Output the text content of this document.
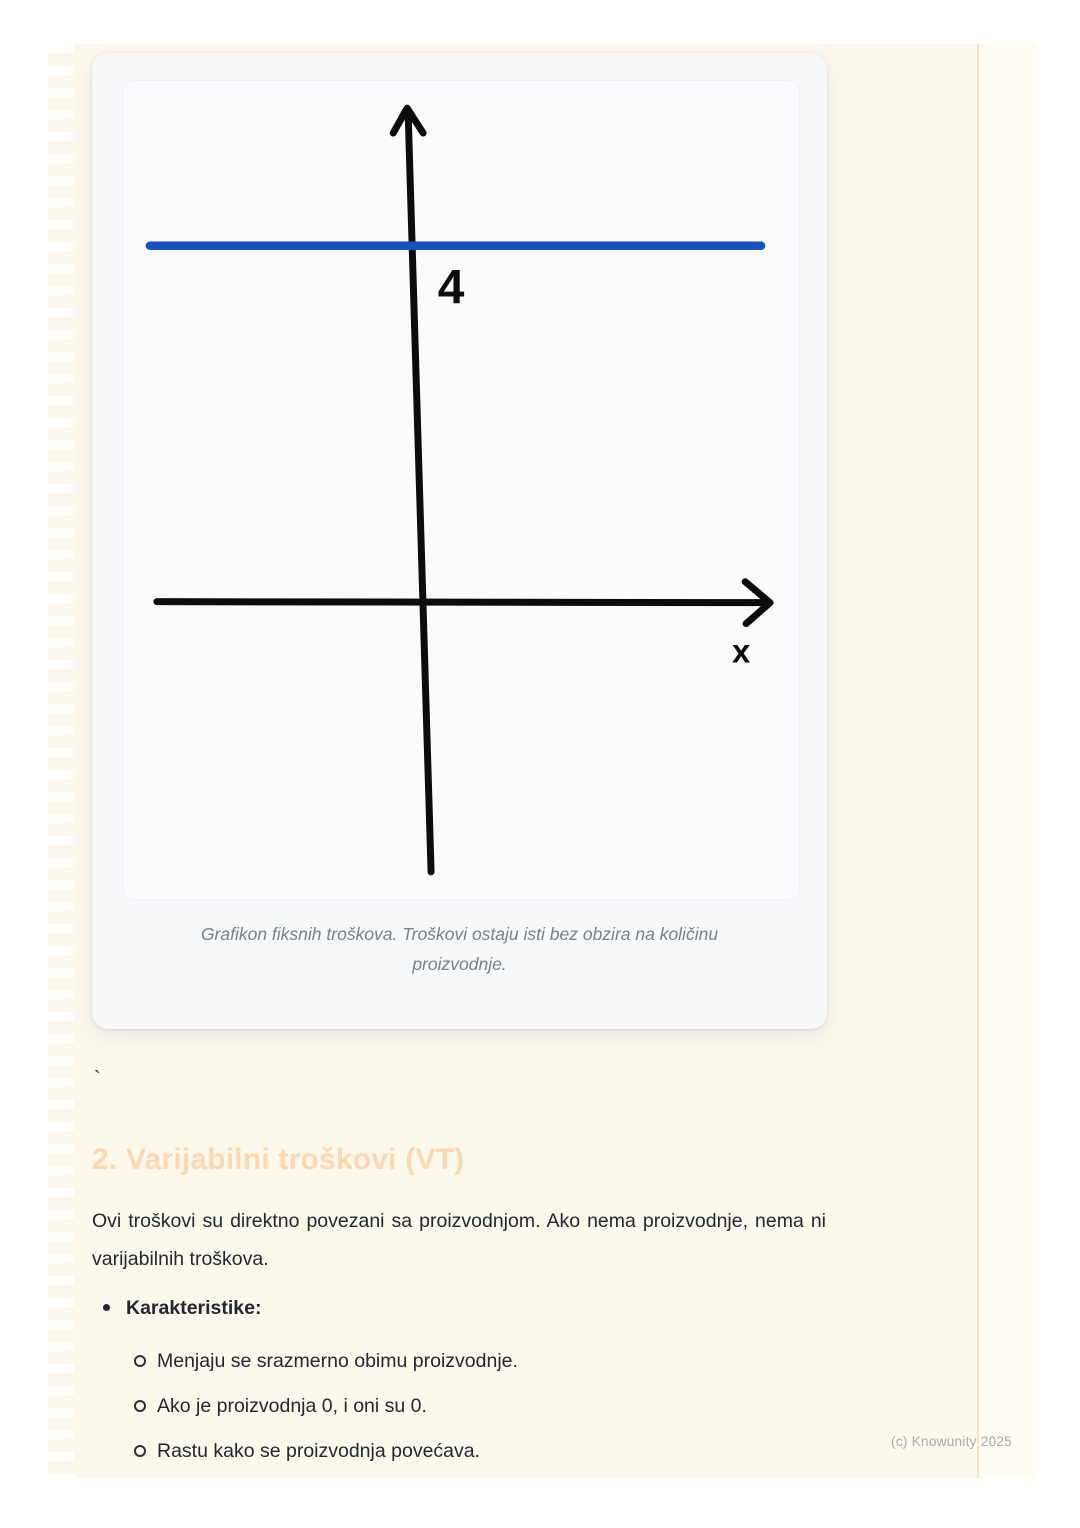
4
x
Grafikon fiksnih troškova. Troškovi ostaju isti bez obzira na količinu
proizvodnje.
`
2. Varijabilni troškovi (VT)

Ovi troškovi su direktno povezani sa proizvodnjom. Ako nema proizvodnje, nema ni varijabilnih troškova.

Karakteristike:
Menjaju se srazmerno obimu proizvodnje.
Ako je proizvodnja 0, i oni su 0.
Rastu kako se proizvodnja povećava.	(c) Knowunity 2025
